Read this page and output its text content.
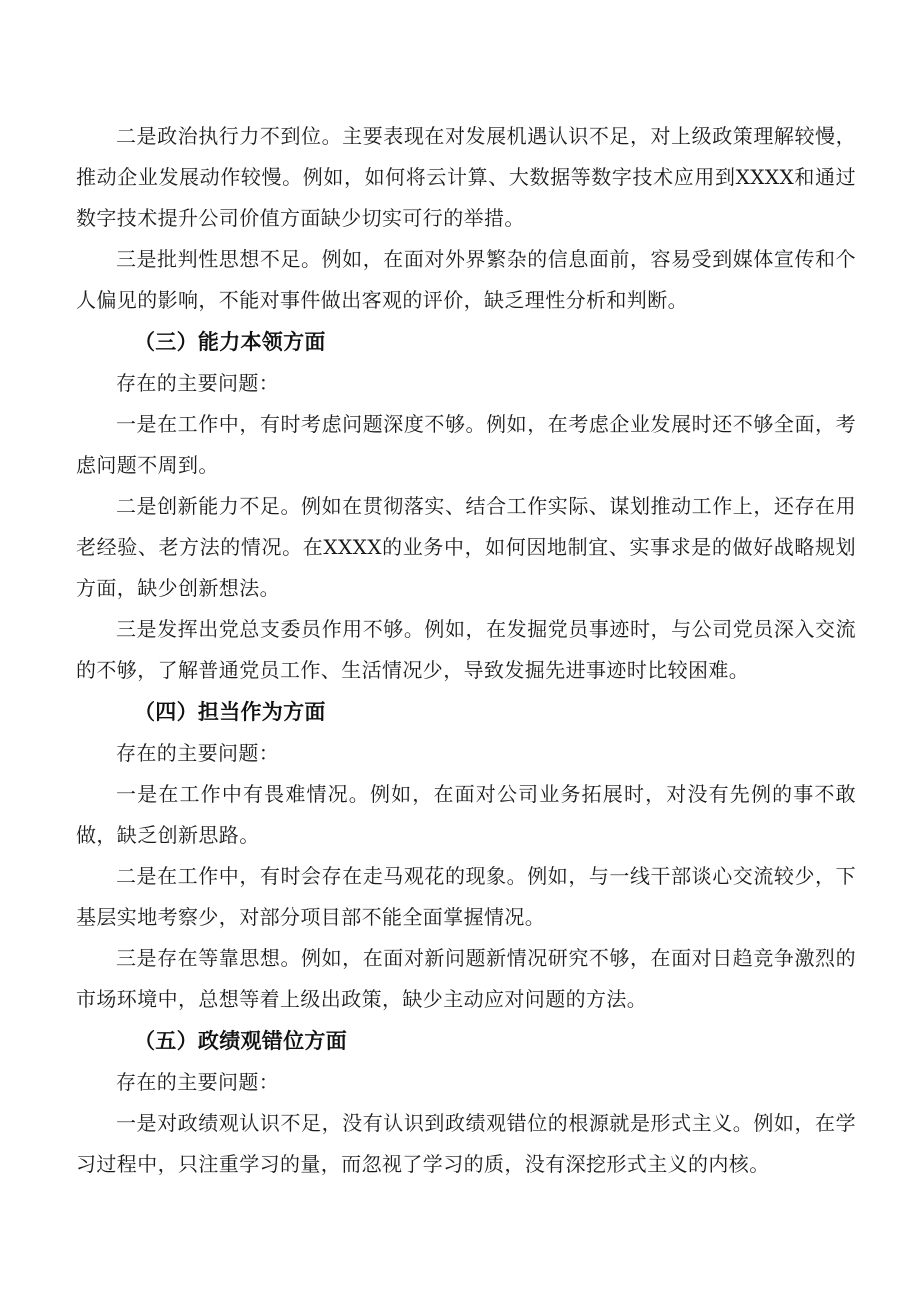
二是政治执行力不到位。主要表现在对发展机遇认识不足，对上级政策理解较慢，推动企业发展动作较慢。例如，如何将云计算、大数据等数字技术应用到XXXX和通过数字技术提升公司价值方面缺少切实可行的举措。

三是批判性思想不足。例如，在面对外界繁杂的信息面前，容易受到媒体宣传和个人偏见的影响，不能对事件做出客观的评价，缺乏理性分析和判断。

（三）能力本领方面

存在的主要问题：

一是在工作中，有时考虑问题深度不够。例如，在考虑企业发展时还不够全面，考虑问题不周到。

二是创新能力不足。例如在贯彻落实、结合工作实际、谋划推动工作上，还存在用老经验、老方法的情况。在XXXX的业务中，如何因地制宜、实事求是的做好战略规划方面，缺少创新想法。

三是发挥出党总支委员作用不够。例如，在发掘党员事迹时，与公司党员深入交流的不够，了解普通党员工作、生活情况少，导致发掘先进事迹时比较困难。

（四）担当作为方面

存在的主要问题：

一是在工作中有畏难情况。例如，在面对公司业务拓展时，对没有先例的事不敢做，缺乏创新思路。

二是在工作中，有时会存在走马观花的现象。例如，与一线干部谈心交流较少，下基层实地考察少，对部分项目部不能全面掌握情况。

三是存在等靠思想。例如，在面对新问题新情况研究不够，在面对日趋竞争激烈的市场环境中，总想等着上级出政策，缺少主动应对问题的方法。

（五）政绩观错位方面

存在的主要问题：

一是对政绩观认识不足，没有认识到政绩观错位的根源就是形式主义。例如，在学习过程中，只注重学习的量，而忽视了学习的质，没有深挖形式主义的内核。
